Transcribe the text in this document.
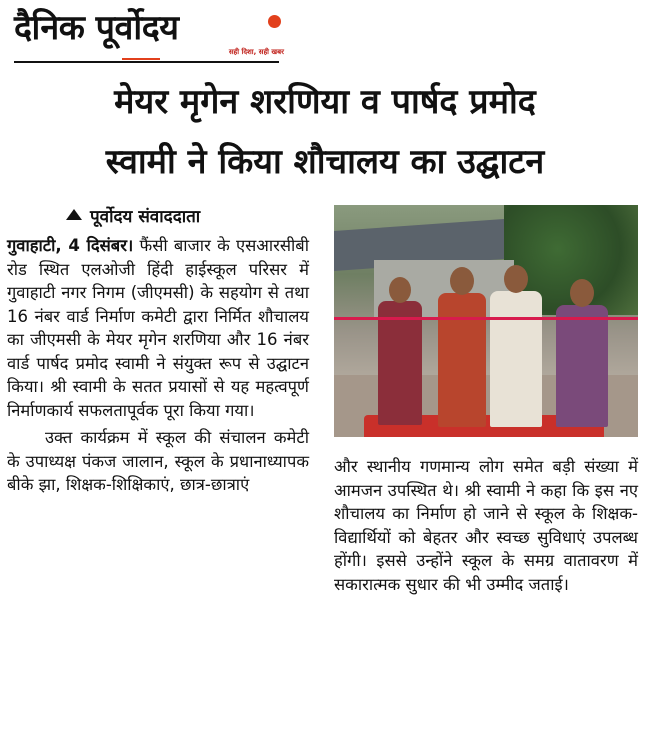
दैनिक पूर्वोदय
सही दिशा, सही खबर
मेयर मृगेन शरणिया व पार्षद प्रमोद
स्वामी ने किया शौचालय का उद्घाटन
पूर्वोदय संवाददाता

गुवाहाटी, 4 दिसंबर। फैंसी बाजार के एसआरसीबी रोड स्थित एलओजी हिंदी हाईस्कूल परिसर में गुवाहाटी नगर निगम (जीएमसी) के सहयोग से तथा 16 नंबर वार्ड निर्माण कमेटी द्वारा निर्मित शौचालय का जीएमसी के मेयर मृगेन शरणिया और 16 नंबर वार्ड पार्षद प्रमोद स्वामी ने संयुक्त रूप से उद्घाटन किया। श्री स्वामी के सतत प्रयासों से यह महत्वपूर्ण निर्माणकार्य सफलतापूर्वक पूरा किया गया।

उक्त कार्यक्रम में स्कूल की संचालन कमेटी के उपाध्यक्ष पंकज जालान, स्कूल के प्रधानाध्यापक बीके झा, शिक्षक-शिक्षिकाएं, छात्र-छात्राएं

और स्थानीय गणमान्य लोग समेत बड़ी संख्या में आमजन उपस्थित थे। श्री स्वामी ने कहा कि इस नए शौचालय का निर्माण हो जाने से स्कूल के शिक्षक-विद्यार्थियों को बेहतर और स्वच्छ सुविधाएं उपलब्ध होंगी। इससे उन्होंने स्कूल के समग्र वातावरण में सकारात्मक सुधार की भी उम्मीद जताई।
